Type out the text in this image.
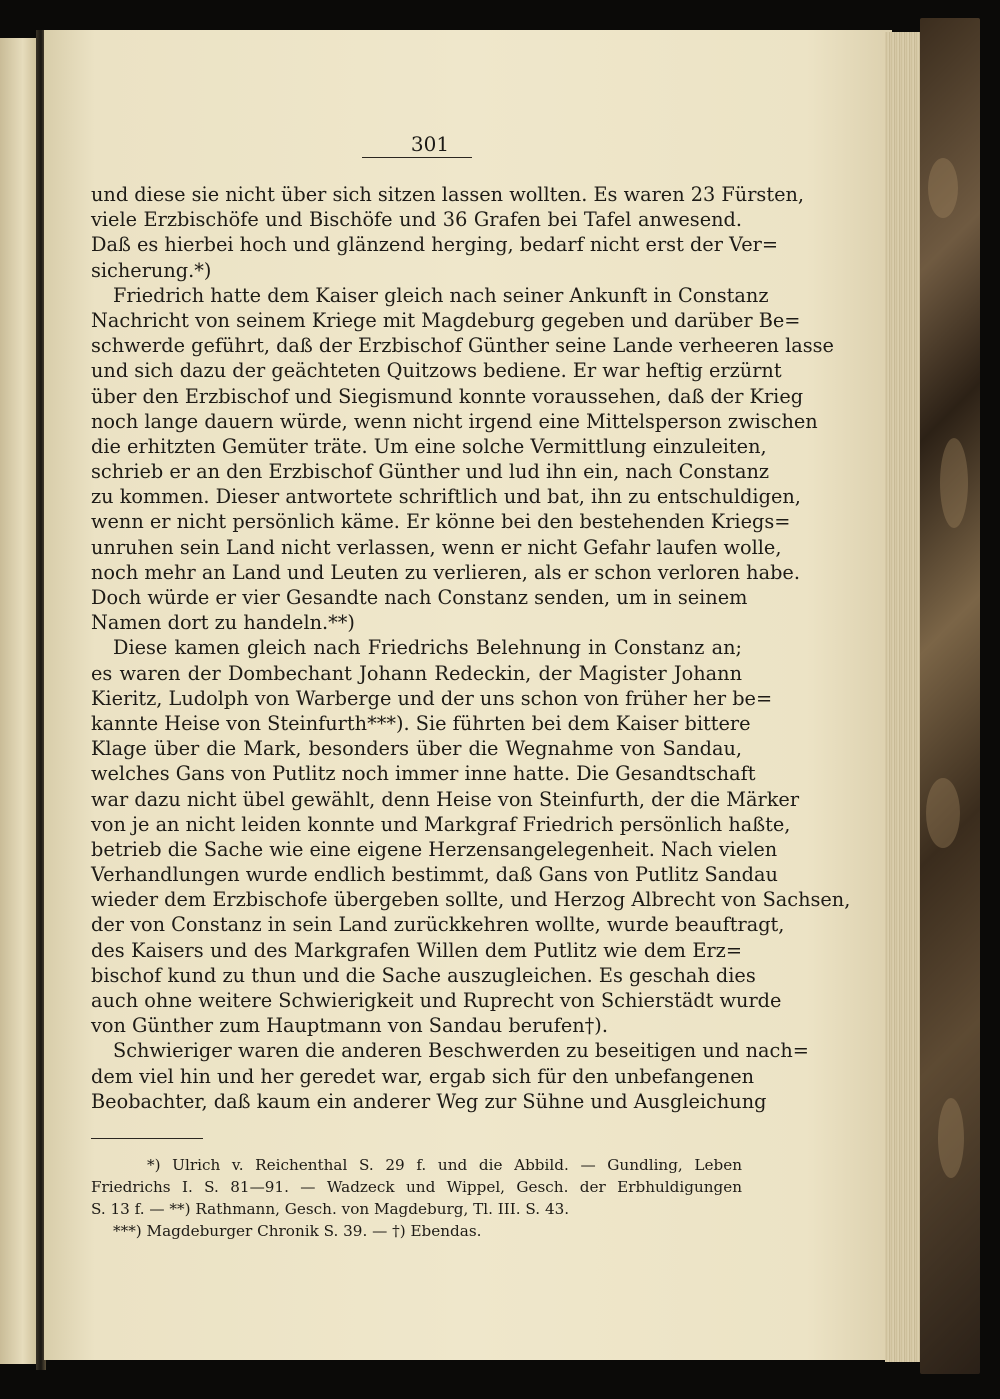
301
und diese sie nicht über sich sitzen lassen wollten. Es waren 23 Fürsten,
viele Erzbischöfe und Bischöfe und 36 Grafen bei Tafel anwesend.
Daß es hierbei hoch und glänzend herging, bedarf nicht erst der Ver=
sicherung.*)
Friedrich hatte dem Kaiser gleich nach seiner Ankunft in Constanz
Nachricht von seinem Kriege mit Magdeburg gegeben und darüber Be=
schwerde geführt, daß der Erzbischof Günther seine Lande verheeren lasse
und sich dazu der geächteten Quitzows bediene. Er war heftig erzürnt
über den Erzbischof und Siegismund konnte voraussehen, daß der Krieg
noch lange dauern würde, wenn nicht irgend eine Mittelsperson zwischen
die erhitzten Gemüter träte. Um eine solche Vermittlung einzuleiten,
schrieb er an den Erzbischof Günther und lud ihn ein, nach Constanz
zu kommen. Dieser antwortete schriftlich und bat, ihn zu entschuldigen,
wenn er nicht persönlich käme. Er könne bei den bestehenden Kriegs=
unruhen sein Land nicht verlassen, wenn er nicht Gefahr laufen wolle,
noch mehr an Land und Leuten zu verlieren, als er schon verloren habe.
Doch würde er vier Gesandte nach Constanz senden, um in seinem
Namen dort zu handeln.**)
Diese kamen gleich nach Friedrichs Belehnung in Constanz an;
es waren der Dombechant Johann Redeckin, der Magister Johann
Kieritz, Ludolph von Warberge und der uns schon von früher her be=
kannte Heise von Steinfurth***). Sie führten bei dem Kaiser bittere
Klage über die Mark, besonders über die Wegnahme von Sandau,
welches Gans von Putlitz noch immer inne hatte. Die Gesandtschaft
war dazu nicht übel gewählt, denn Heise von Steinfurth, der die Märker
von je an nicht leiden konnte und Markgraf Friedrich persönlich haßte,
betrieb die Sache wie eine eigene Herzensangelegenheit. Nach vielen
Verhandlungen wurde endlich bestimmt, daß Gans von Putlitz Sandau
wieder dem Erzbischofe übergeben sollte, und Herzog Albrecht von Sachsen,
der von Constanz in sein Land zurückkehren wollte, wurde beauftragt,
des Kaisers und des Markgrafen Willen dem Putlitz wie dem Erz=
bischof kund zu thun und die Sache auszugleichen. Es geschah dies
auch ohne weitere Schwierigkeit und Ruprecht von Schierstädt wurde
von Günther zum Hauptmann von Sandau berufen†).
Schwieriger waren die anderen Beschwerden zu beseitigen und nach=
dem viel hin und her geredet war, ergab sich für den unbefangenen
Beobachter, daß kaum ein anderer Weg zur Sühne und Ausgleichung
*) Ulrich v. Reichenthal S. 29 f. und die Abbild. — Gundling, Leben
Friedrichs I. S. 81—91. — Wadzeck und Wippel, Gesch. der Erbhuldigungen
S. 13 f. — **) Rathmann, Gesch. von Magdeburg, Tl. III. S. 43.
***) Magdeburger Chronik S. 39. — †) Ebendas.
